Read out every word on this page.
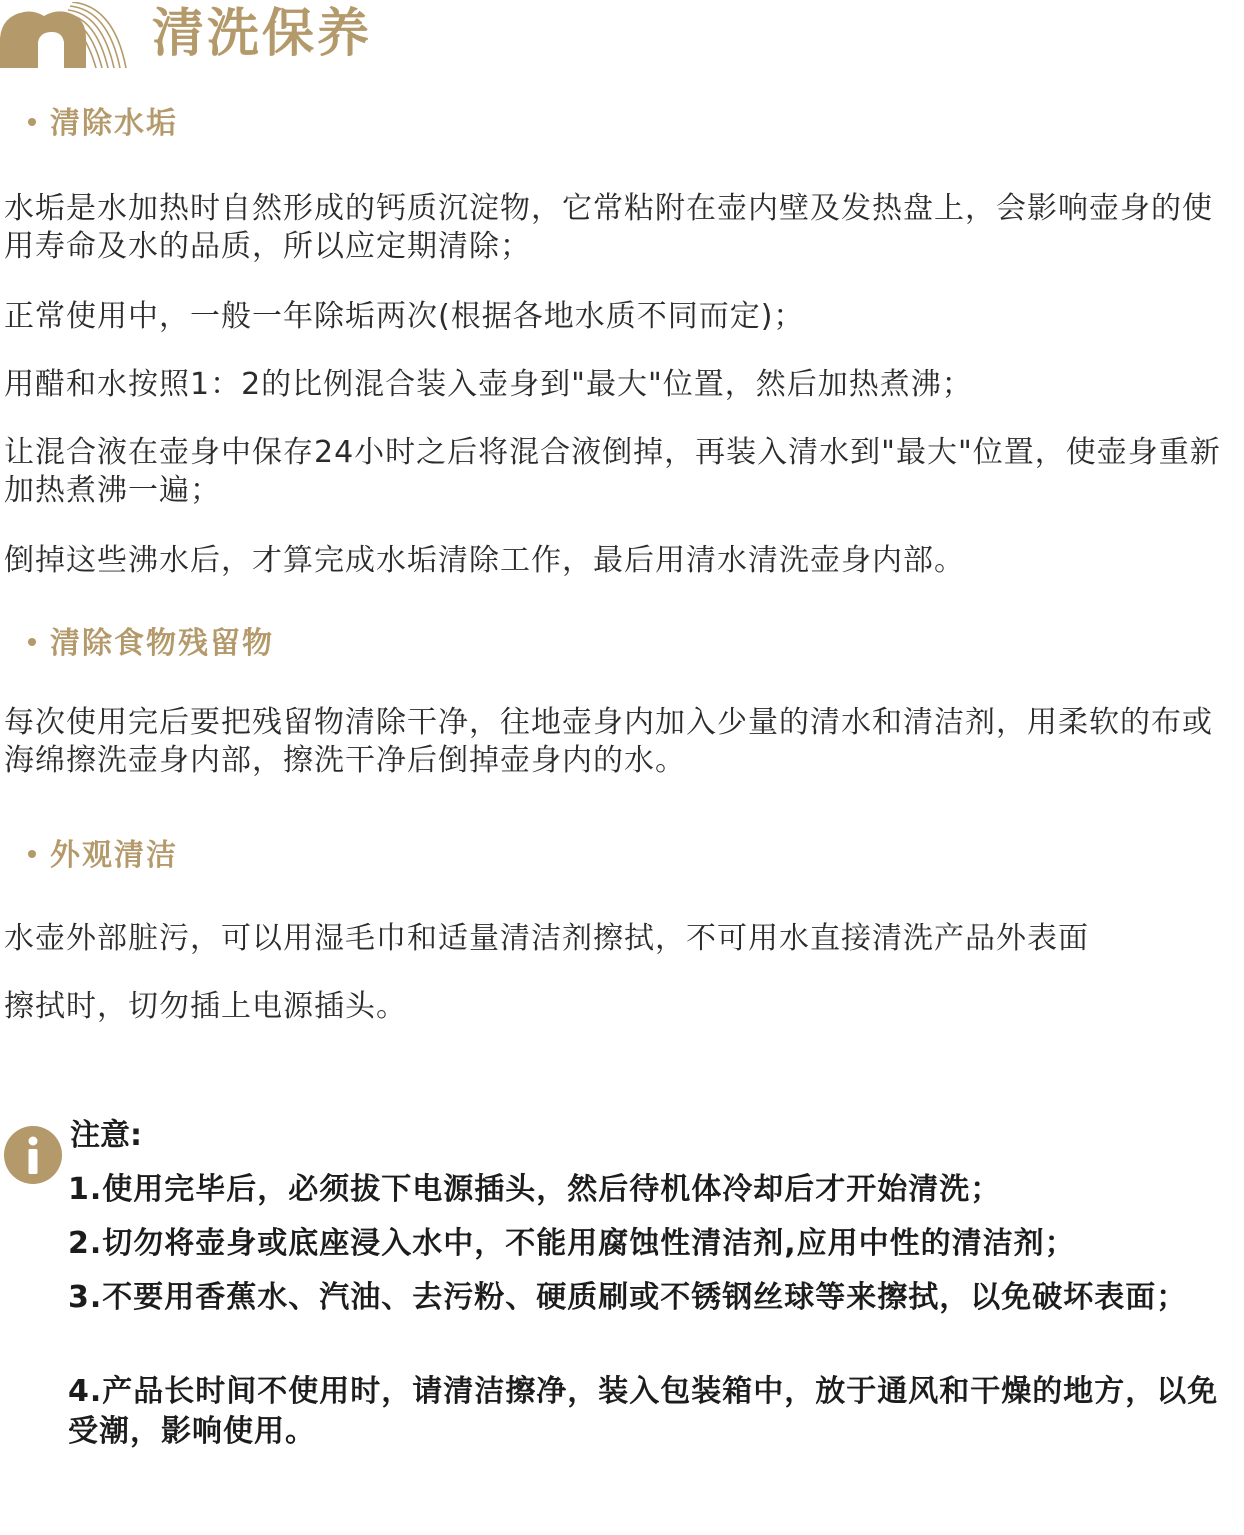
清洗保养
清除水垢

水垢是水加热时自然形成的钙质沉淀物，它常粘附在壶内壁及发热盘上，会影响壶身的使用寿命及水的品质，所以应定期清除；

正常使用中，一般一年除垢两次(根据各地水质不同而定)；

用醋和水按照1：2的比例混合装入壶身到"最大"位置，然后加热煮沸；

让混合液在壶身中保存24小时之后将混合液倒掉，再装入清水到"最大"位置，使壶身重新加热煮沸一遍；

倒掉这些沸水后，才算完成水垢清除工作，最后用清水清洗壶身内部。

清除食物残留物

每次使用完后要把残留物清除干净，往地壶身内加入少量的清水和清洁剂，用柔软的布或海绵擦洗壶身内部，擦洗干净后倒掉壶身内的水。

外观清洁

水壶外部脏污，可以用湿毛巾和适量清洁剂擦拭，不可用水直接清洗产品外表面

擦拭时，切勿插上电源插头。

注意:

1.使用完毕后，必须拔下电源插头，然后待机体冷却后才开始清洗；

2.切勿将壶身或底座浸入水中，不能用腐蚀性清洁剂,应用中性的清洁剂；

3.不要用香蕉水、汽油、去污粉、硬质刷或不锈钢丝球等来擦拭，以免破坏表面；

4.产品长时间不使用时，请清洁擦净，装入包装箱中，放于通风和干燥的地方，以免受潮，影响使用。
